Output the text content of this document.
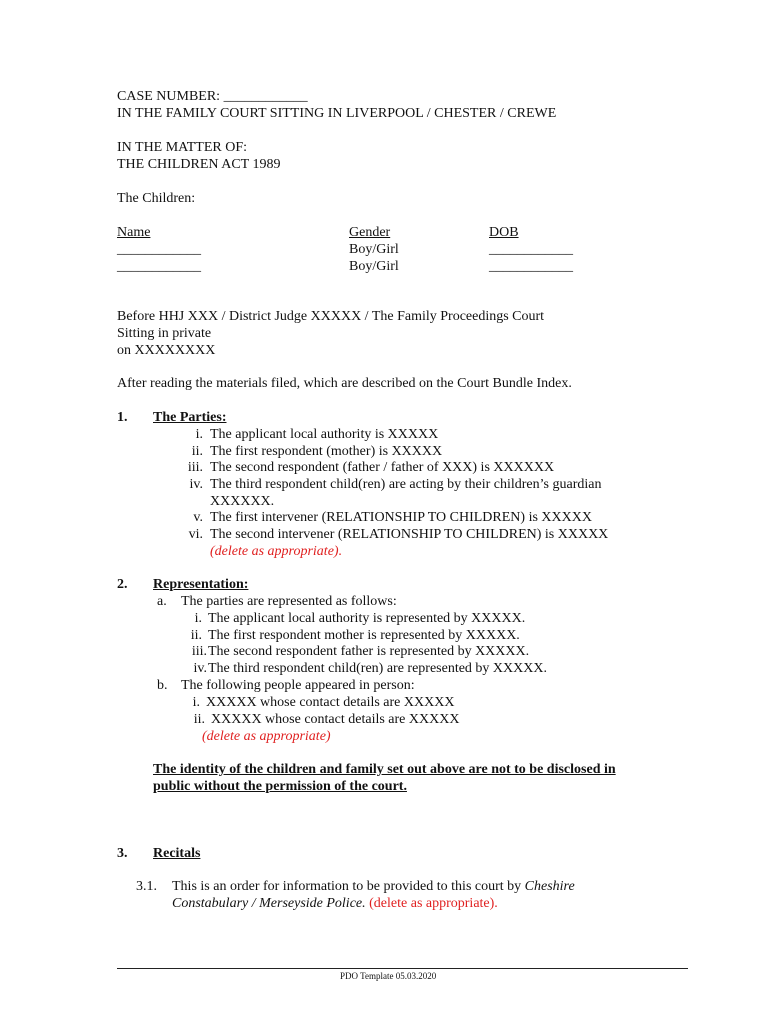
CASE NUMBER: ____________
IN THE FAMILY COURT SITTING IN LIVERPOOL / CHESTER / CREWE
IN THE MATTER OF:
THE CHILDREN ACT 1989
The Children:
Name	Gender	DOB
____________	Boy/Girl	____________
____________	Boy/Girl	____________
Before HHJ XXX / District Judge XXXXX / The Family Proceedings Court
Sitting in private
on XXXXXXXX
After reading the materials filed, which are described on the Court Bundle Index.
1. The Parties:
i. The applicant local authority is XXXXX
ii. The first respondent (mother) is XXXXX
iii. The second respondent (father / father of XXX) is XXXXXX
iv. The third respondent child(ren) are acting by their children’s guardian
XXXXXX.
v. The first intervener (RELATIONSHIP TO CHILDREN) is XXXXX
vi. The second intervener (RELATIONSHIP TO CHILDREN) is XXXXX
(delete as appropriate).
2. Representation:
a. The parties are represented as follows:
i. The applicant local authority is represented by XXXXX.
ii. The first respondent mother is represented by XXXXX.
iii. The second respondent father is represented by XXXXX.
iv. The third respondent child(ren) are represented by XXXXX.
b. The following people appeared in person:
i. XXXXX whose contact details are XXXXX
ii. XXXXX whose contact details are XXXXX
(delete as appropriate)
The identity of the children and family set out above are not to be disclosed in
public without the permission of the court.
3. Recitals
3.1. This is an order for information to be provided to this court by Cheshire
Constabulary / Merseyside Police. (delete as appropriate).
PDO Template 05.03.2020
